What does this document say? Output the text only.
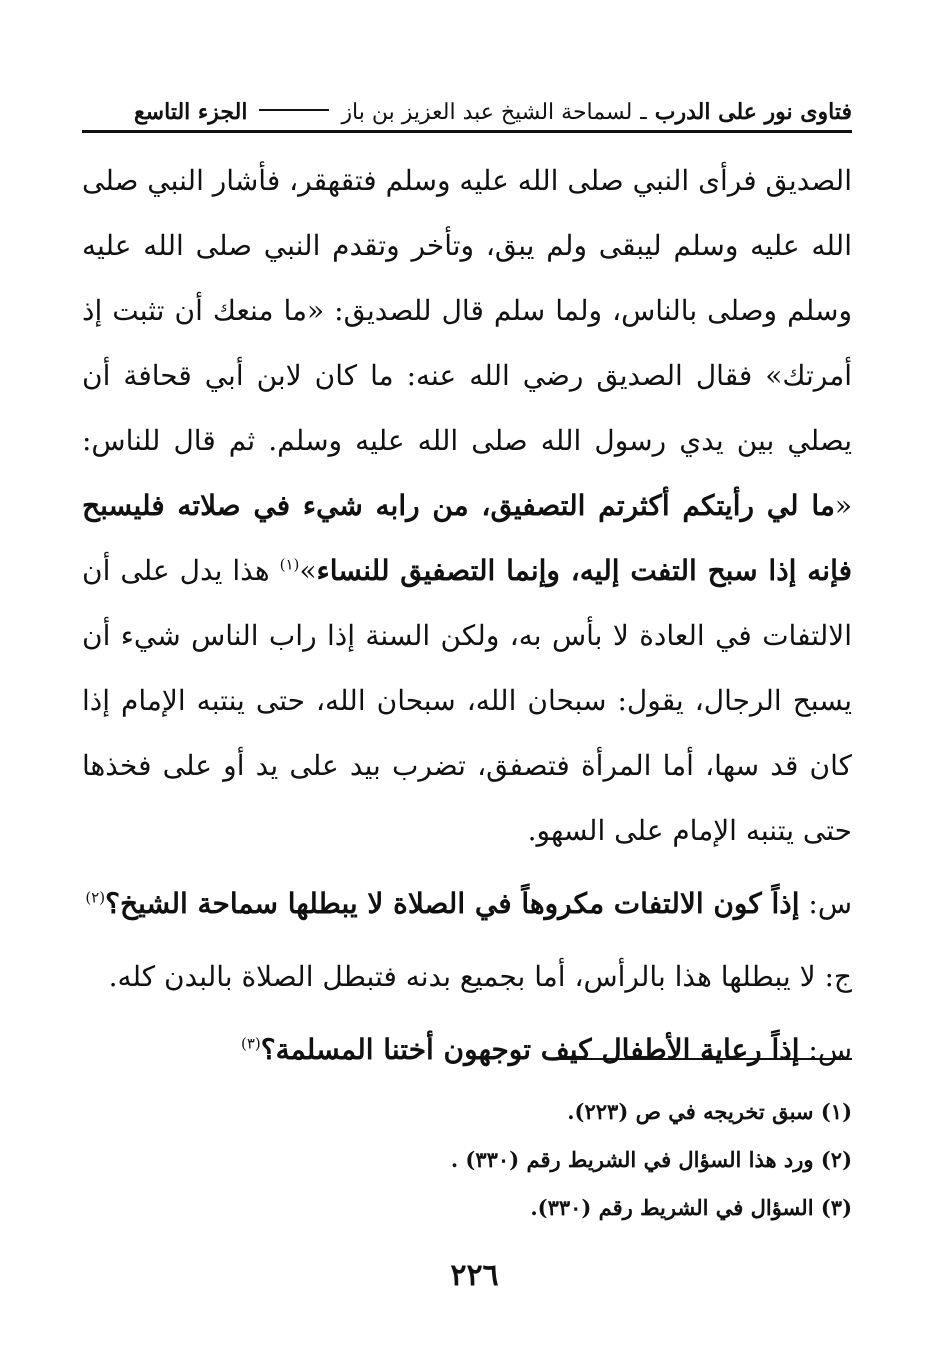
فتاوى نور على الدرب
ـ
لسماحة الشيخ عبد العزيز بن باز
الجزء التاسع

الصديق فرأى النبي صلى الله عليه وسلم فتقهقر، فأشار النبي صلى الله عليه وسلم ليبقى ولم يبق، وتأخر وتقدم النبي صلى الله عليه وسلم وصلى بالناس، ولما سلم قال للصديق: «ما منعك أن تثبت إذ أمرتك» فقال الصديق رضي الله عنه: ما كان لابن أبي قحافة أن يصلي بين يدي رسول الله صلى الله عليه وسلم. ثم قال للناس: «ما لي رأيتكم أكثرتم التصفيق، من رابه شيء في صلاته فليسبح فإنه إذا سبح التفت إليه، وإنما التصفيق للنساء»$^{(١)}$ هذا يدل على أن الالتفات في العادة لا بأس به، ولكن السنة إذا راب الناس شيء أن يسبح الرجال، يقول: سبحان الله، سبحان الله، حتى ينتبه الإمام إذا كان قد سها، أما المرأة فتصفق، تضرب بيد على يد أو على فخذها حتى يتنبه الإمام على السهو.

س: إذاً كون الالتفات مكروهاً في الصلاة لا يبطلها سماحة الشيخ؟$^{(٢)}$

ج: لا يبطلها هذا بالرأس، أما بجميع بدنه فتبطل الصلاة بالبدن كله.

س: إذاً رعاية الأطفال كيف توجهون أختنا المسلمة؟$^{(٣)}$

(١) سبق تخريجه في ص (٢٢٣).

(٢) ورد هذا السؤال في الشريط رقم (٣٣٠) .

(٣) السؤال في الشريط رقم (٣٣٠).

٢٢٦
